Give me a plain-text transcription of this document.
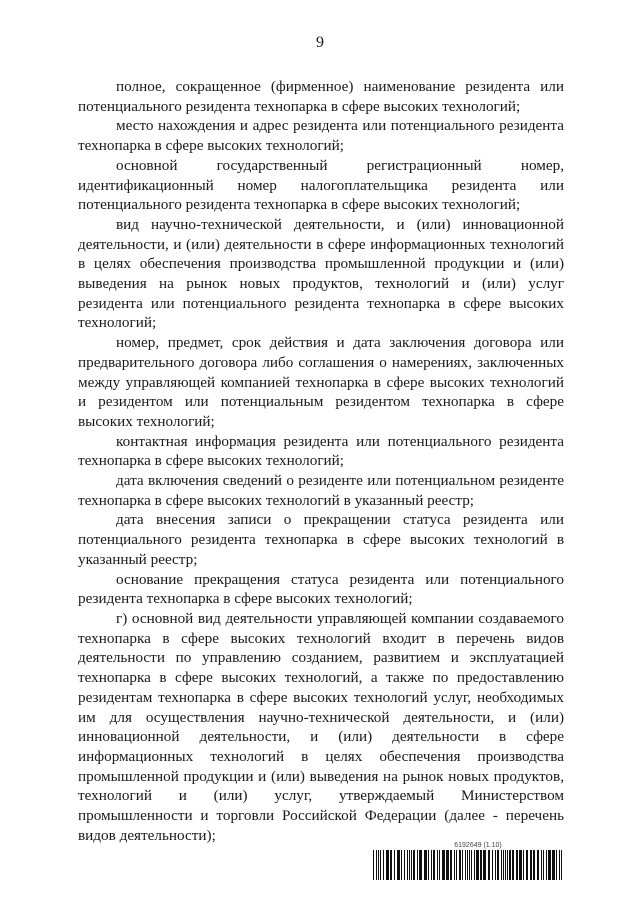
9

полное, сокращенное (фирменное) наименование резидента или потенциального резидента технопарка в сфере высоких технологий;

место нахождения и адрес резидента или потенциального резидента технопарка в сфере высоких технологий;

основной государственный регистрационный номер, идентификационный номер налогоплательщика резидента или потенциального резидента технопарка в сфере высоких технологий;

вид научно-технической деятельности, и (или) инновационной деятельности, и (или) деятельности в сфере информационных технологий в целях обеспечения производства промышленной продукции и (или) выведения на рынок новых продуктов, технологий и (или) услуг резидента или потенциального резидента технопарка в сфере высоких технологий;

номер, предмет, срок действия и дата заключения договора или предварительного договора либо соглашения о намерениях, заключенных между управляющей компанией технопарка в сфере высоких технологий и резидентом или потенциальным резидентом технопарка в сфере высоких технологий;

контактная информация резидента или потенциального резидента технопарка в сфере высоких технологий;

дата включения сведений о резиденте или потенциальном резиденте технопарка в сфере высоких технологий в указанный реестр;

дата внесения записи о прекращении статуса резидента или потенциального резидента технопарка в сфере высоких технологий в указанный реестр;

основание прекращения статуса резидента или потенциального резидента технопарка в сфере высоких технологий;

г) основной вид деятельности управляющей компании создаваемого технопарка в сфере высоких технологий входит в перечень видов деятельности по управлению созданием, развитием и эксплуатацией технопарка в сфере высоких технологий, а также по предоставлению резидентам технопарка в сфере высоких технологий услуг, необходимых им для осуществления научно-технической деятельности, и (или) инновационной деятельности, и (или) деятельности в сфере информационных технологий в целях обеспечения производства промышленной продукции и (или) выведения на рынок новых продуктов, технологий и (или) услуг, утверждаемый Министерством промышленности и торговли Российской Федерации (далее - перечень видов деятельности);

6192649 (1.10)
